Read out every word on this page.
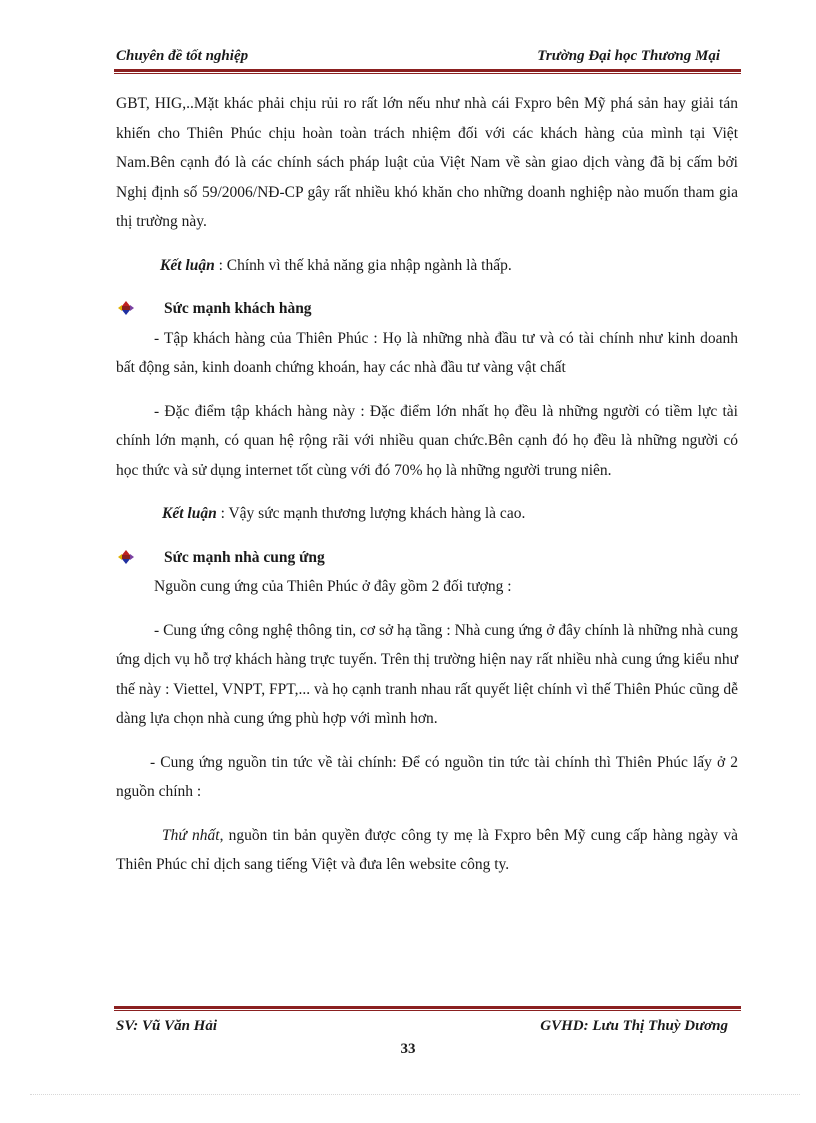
Chuyên đề tốt nghiệp	Trường Đại học Thương Mại

GBT, HIG,..Mặt khác phải chịu rủi ro rất lớn nếu như nhà cái Fxpro bên Mỹ phá sản hay giải tán khiến cho Thiên Phúc chịu hoàn toàn trách nhiệm đối với các khách hàng của mình tại Việt Nam.Bên cạnh đó là các chính sách pháp luật của Việt Nam về sàn giao dịch vàng đã bị cấm bởi Nghị định số 59/2006/NĐ-CP gây rất nhiều khó khăn cho những doanh nghiệp nào muốn tham gia thị trường này.

Kết luận : Chính vì thế khả năng gia nhập ngành là thấp.

Sức mạnh khách hàng

- Tập khách hàng của Thiên Phúc : Họ là những nhà đầu tư và có tài chính như kinh doanh bất động sản, kinh doanh chứng khoán, hay các nhà đầu tư vàng vật chất

- Đặc điểm tập khách hàng này : Đặc điểm lớn nhất họ đều là những người có tiềm lực tài chính lớn mạnh, có quan hệ rộng rãi với nhiều quan chức.Bên cạnh đó họ đều là những người có học thức và sử dụng internet tốt cùng với đó 70% họ là những người trung niên.

Kết luận : Vậy sức mạnh thương lượng khách hàng là cao.

Sức mạnh nhà cung ứng

Nguồn cung ứng của Thiên Phúc ở đây gồm 2 đối tượng :

- Cung ứng công nghệ thông tin, cơ sở hạ tầng : Nhà cung ứng ở đây chính là những nhà cung ứng dịch vụ hỗ trợ khách hàng trực tuyến. Trên thị trường hiện nay rất nhiều nhà cung ứng kiểu như thế này : Viettel, VNPT, FPT,... và họ cạnh tranh nhau rất quyết liệt chính vì thế Thiên Phúc cũng dễ dàng lựa chọn nhà cung ứng phù hợp với mình hơn.

- Cung ứng nguồn tin tức về tài chính: Để có nguồn tin tức tài chính thì Thiên Phúc lấy ở 2 nguồn chính :

Thứ nhất, nguồn tin bản quyền được công ty mẹ là Fxpro bên Mỹ cung cấp hàng ngày và Thiên Phúc chỉ dịch sang tiếng Việt và đưa lên website công ty.

SV: Vũ Văn Hải	GVHD: Lưu Thị Thuỳ Dương
33
